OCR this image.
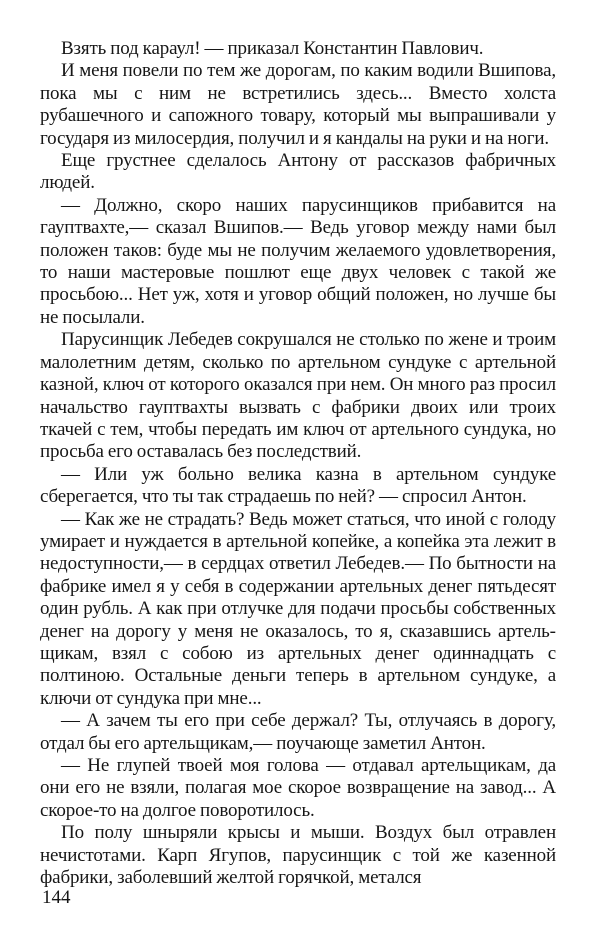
Взять под караул! — приказал Константин Павлович.

И меня повели по тем же дорогам, по каким водили Вшипова, пока мы с ним не встретились здесь... Вместо холста рубашечного и сапожного товару, который мы выпрашивали у государя из милосердия, получил и я кандалы на руки и на ноги.

Еще грустнее сделалось Антону от рассказов фабричных людей.

— Должно, скоро наших парусинщиков прибавится на гауптвахте,— сказал Вшипов.— Ведь уговор между нами был положен таков: буде мы не получим желаемого удовлетворения, то наши мастеровые пошлют еще двух человек с такой же просьбою... Нет уж, хотя и уговор общий положен, но лучше бы не посылали.

Парусинщик Лебедев сокрушался не столько по жене и троим малолетним детям, сколько по артельном сундуке с артельной казной, ключ от которого оказался при нем. Он много раз просил начальство гауптвахты вызвать с фабрики двоих или троих ткачей с тем, чтобы передать им ключ от артельного сундука, но просьба его оставалась без последствий.

— Или уж больно велика казна в артельном сундуке сберегается, что ты так страдаешь по ней? — спросил Антон.

— Как же не страдать? Ведь может статься, что иной с голоду умирает и нуждается в артельной копейке, а копейка эта лежит в недоступности,— в сердцах ответил Лебедев.— По бытности на фабрике имел я у себя в содержании артельных денег пятьдесят один рубль. А как при отлучке для подачи просьбы собственных денег на дорогу у меня не оказалось, то я, сказавшись артельщикам, взял с собою из артельных денег одиннадцать с полтиною. Остальные деньги теперь в артельном сундуке, а ключи от сундука при мне...

— А зачем ты его при себе держал? Ты, отлучаясь в дорогу, отдал бы его артельщикам,— поучающе заметил Антон.

— Не глупей твоей моя голова — отдавал артельщикам, да они его не взяли, полагая мое скорое возвращение на завод... А скорое-то на долгое поворотилось.

По полу шныряли крысы и мыши. Воздух был отравлен нечистотами. Карп Ягупов, парусинщик с той же казенной фабрики, заболевший желтой горячкой, метался

144
